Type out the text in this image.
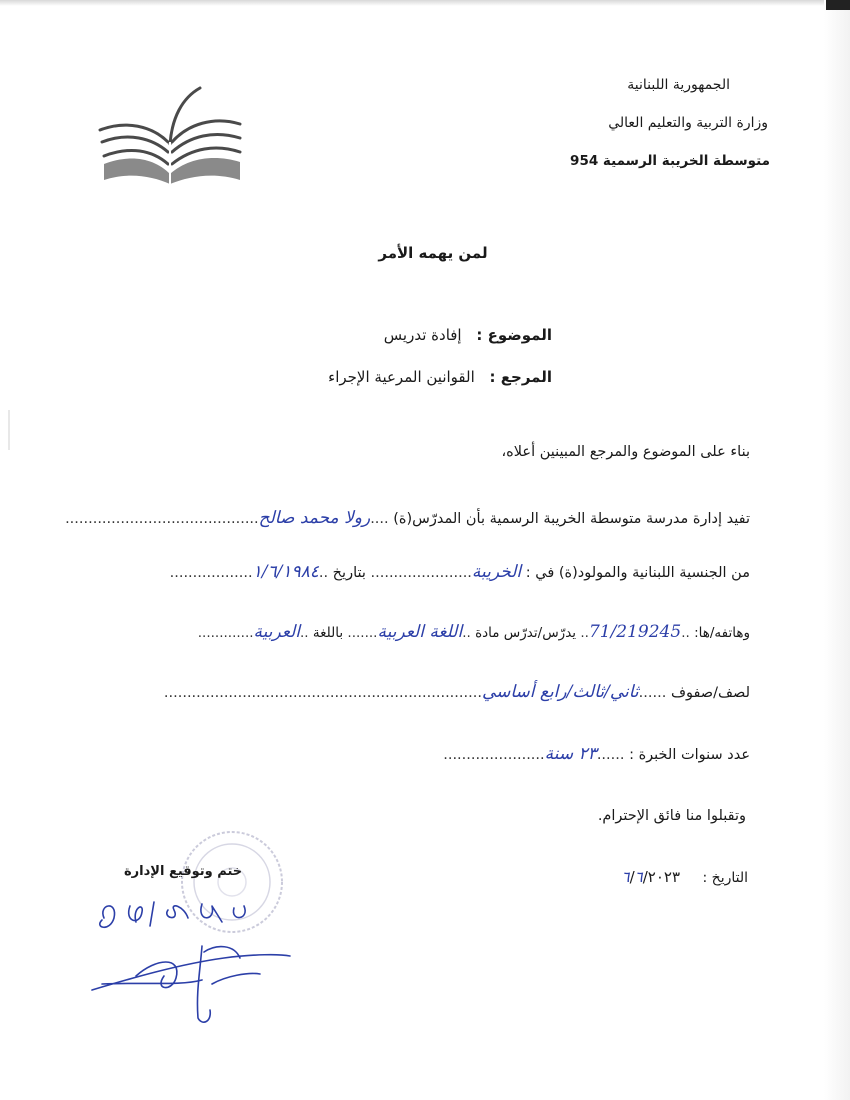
الجمهورية اللبنانية
وزارة التربية والتعليم العالي
متوسطة الخريبة الرسمية 954
لمن يهمه الأمر
الموضوع : إفادة تدريس
المرجع : القوانين المرعية الإجراء
بناء على الموضوع والمرجع المبينين أعلاه،
تفيد إدارة مدرسة متوسطة الخريبة الرسمية بأن المدرّس(ة) ....رولا محمد صالح..........................................
من الجنسية اللبنانية والمولود(ة) في : الخريبة...................... بتاريخ ..١/٦/١٩٨٤..................
وهاتفه/ها: ..71/219245.. يدرّس/تدرّس مادة ..اللغة العربية....... باللغة ..العربية.............
لصف/صفوف ......ثاني/ثالث/رابع أساسي.....................................................................
عدد سنوات الخبرة : ......٢٣ سنة......................
وتقبلوا منا فائق الإحترام.
التاريخ : ٦/٦/٢٠٢٣
ختم وتوقيع الإدارة
